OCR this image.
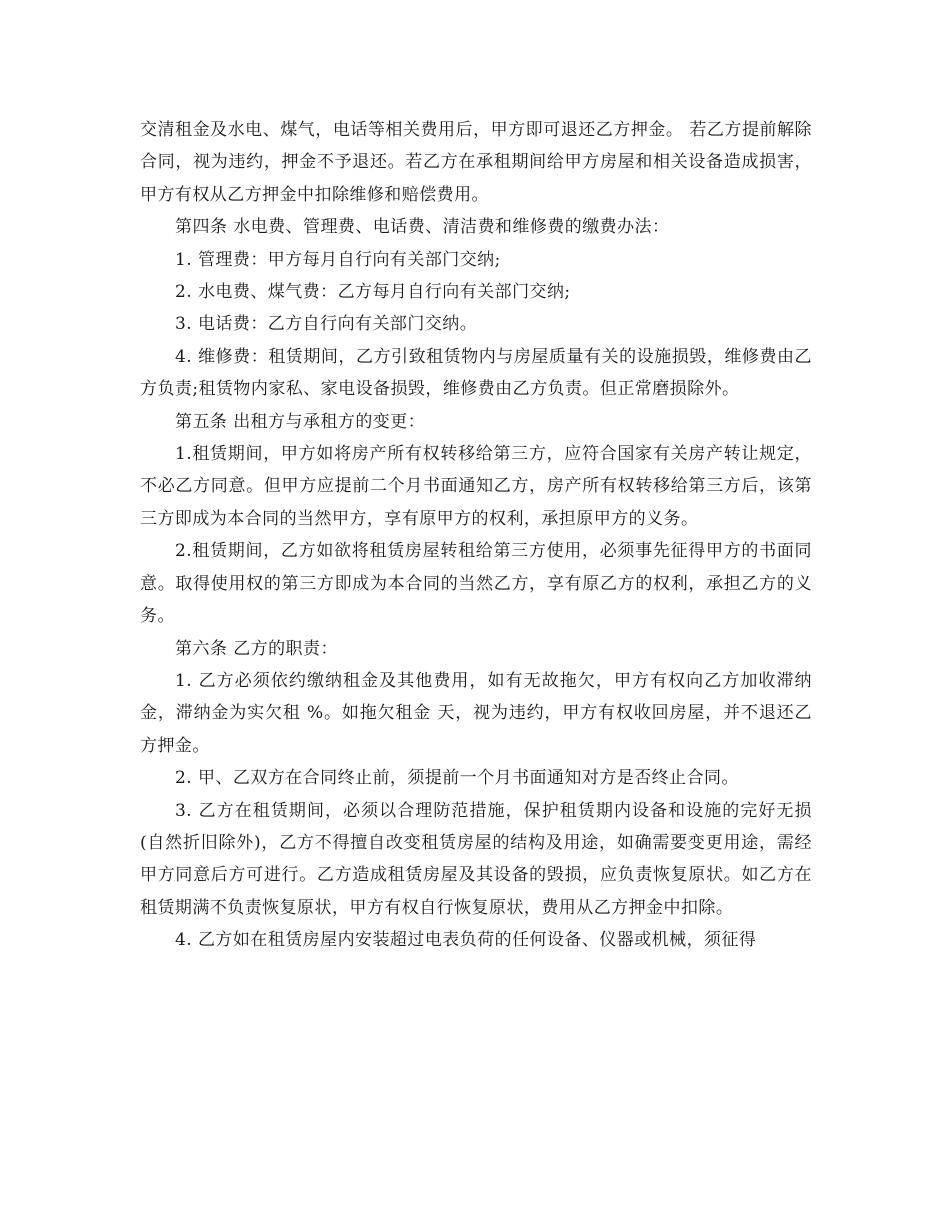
交清租金及水电、煤气，电话等相关费用后，甲方即可退还乙方押金。 若乙方提前解除合同，视为违约，押金不予退还。若乙方在承租期间给甲方房屋和相关设备造成损害，甲方有权从乙方押金中扣除维修和赔偿费用。

第四条 水电费、管理费、电话费、清洁费和维修费的缴费办法：

1. 管理费：甲方每月自行向有关部门交纳;

2. 水电费、煤气费：乙方每月自行向有关部门交纳;

3. 电话费：乙方自行向有关部门交纳。

4. 维修费：租赁期间，乙方引致租赁物内与房屋质量有关的设施损毁，维修费由乙方负责;租赁物内家私、家电设备损毁，维修费由乙方负责。但正常磨损除外。

第五条 出租方与承租方的变更：

1.租赁期间，甲方如将房产所有权转移给第三方，应符合国家有关房产转让规定，不必乙方同意。但甲方应提前二个月书面通知乙方，房产所有权转移给第三方后，该第三方即成为本合同的当然甲方，享有原甲方的权利，承担原甲方的义务。

2.租赁期间，乙方如欲将租赁房屋转租给第三方使用，必须事先征得甲方的书面同意。取得使用权的第三方即成为本合同的当然乙方，享有原乙方的权利，承担乙方的义务。

第六条 乙方的职责：

1. 乙方必须依约缴纳租金及其他费用，如有无故拖欠，甲方有权向乙方加收滞纳金，滞纳金为实欠租 %。如拖欠租金 天，视为违约，甲方有权收回房屋，并不退还乙方押金。

2. 甲、乙双方在合同终止前，须提前一个月书面通知对方是否终止合同。

3. 乙方在租赁期间，必须以合理防范措施，保护租赁期内设备和设施的完好无损(自然折旧除外)，乙方不得擅自改变租赁房屋的结构及用途，如确需要变更用途，需经甲方同意后方可进行。乙方造成租赁房屋及其设备的毁损，应负责恢复原状。如乙方在租赁期满不负责恢复原状，甲方有权自行恢复原状，费用从乙方押金中扣除。

4. 乙方如在租赁房屋内安装超过电表负荷的任何设备、仪器或机械，须征得
